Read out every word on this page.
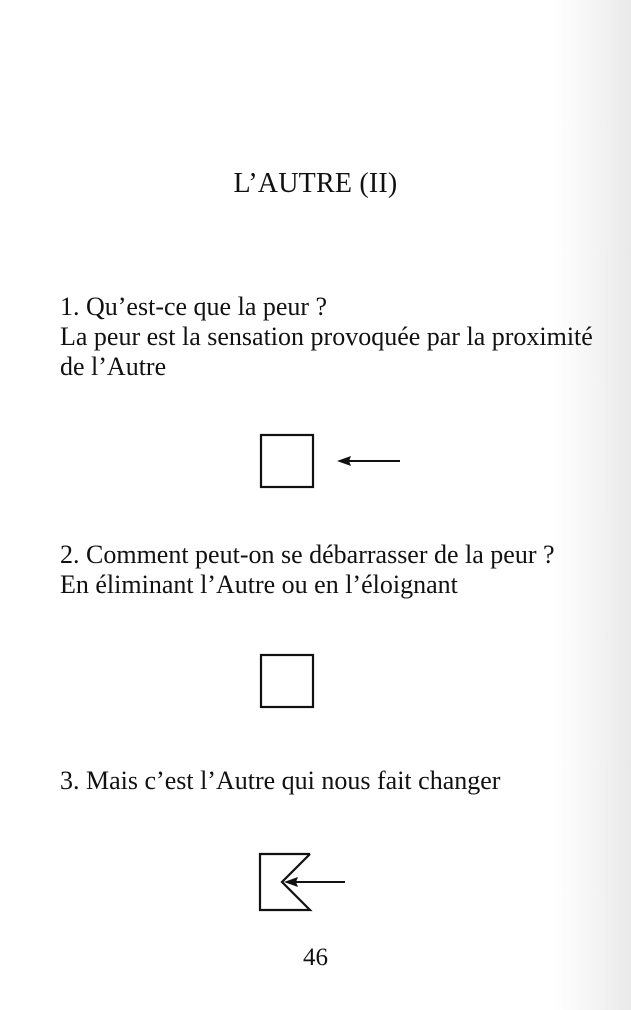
L’AUTRE (II)

1. Qu’est-ce que la peur ?

La peur est la sensation provoquée par la proximité

de l’Autre

2. Comment peut-on se débarrasser de la peur ?

En éliminant l’Autre ou en l’éloignant

3. Mais c’est l’Autre qui nous fait changer

46
